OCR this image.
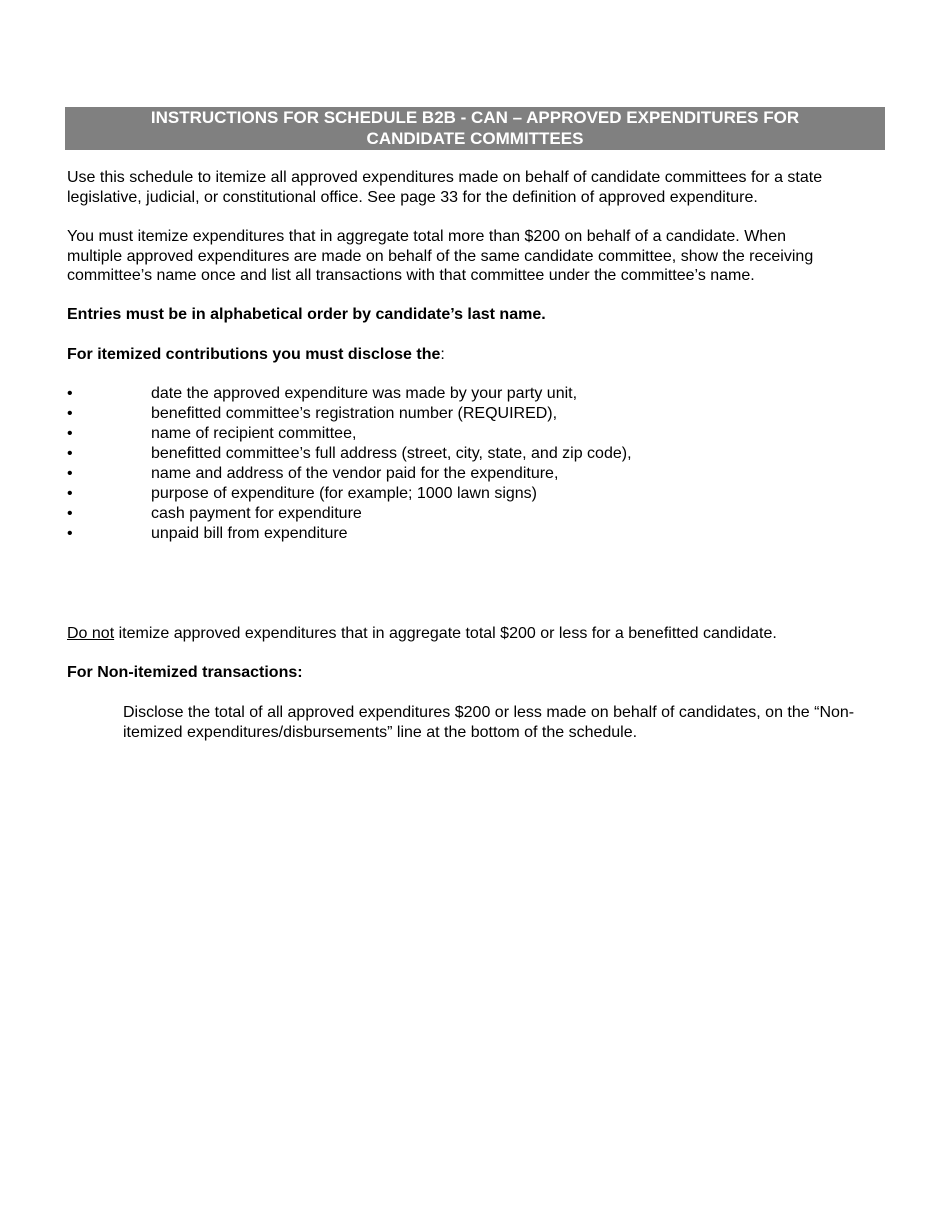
INSTRUCTIONS FOR SCHEDULE B2B - CAN – APPROVED EXPENDITURES FOR
CANDIDATE COMMITTEES

Use this schedule to itemize all approved expenditures made on behalf of candidate committees for a state
legislative, judicial, or constitutional office. See page 33 for the definition of approved expenditure.

You must itemize expenditures that in aggregate total more than $200 on behalf of a candidate. When
multiple approved expenditures are made on behalf of the same candidate committee, show the receiving
committee’s name once and list all transactions with that committee under the committee’s name.

Entries must be in alphabetical order by candidate’s last name.

For itemized contributions you must disclose the:

•	date the approved expenditure was made by your party unit,
•	benefitted committee’s registration number (REQUIRED),
•	name of recipient committee,
•	benefitted committee’s full address (street, city, state, and zip code),
•	name and address of the vendor paid for the expenditure,
•	purpose of expenditure (for example; 1000 lawn signs)
•	cash payment for expenditure
•	unpaid bill from expenditure

Do not itemize approved expenditures that in aggregate total $200 or less for a benefitted candidate.

For Non-itemized transactions:

Disclose the total of all approved expenditures $200 or less made on behalf of candidates, on the “Non-
itemized expenditures/disbursements” line at the bottom of the schedule.
